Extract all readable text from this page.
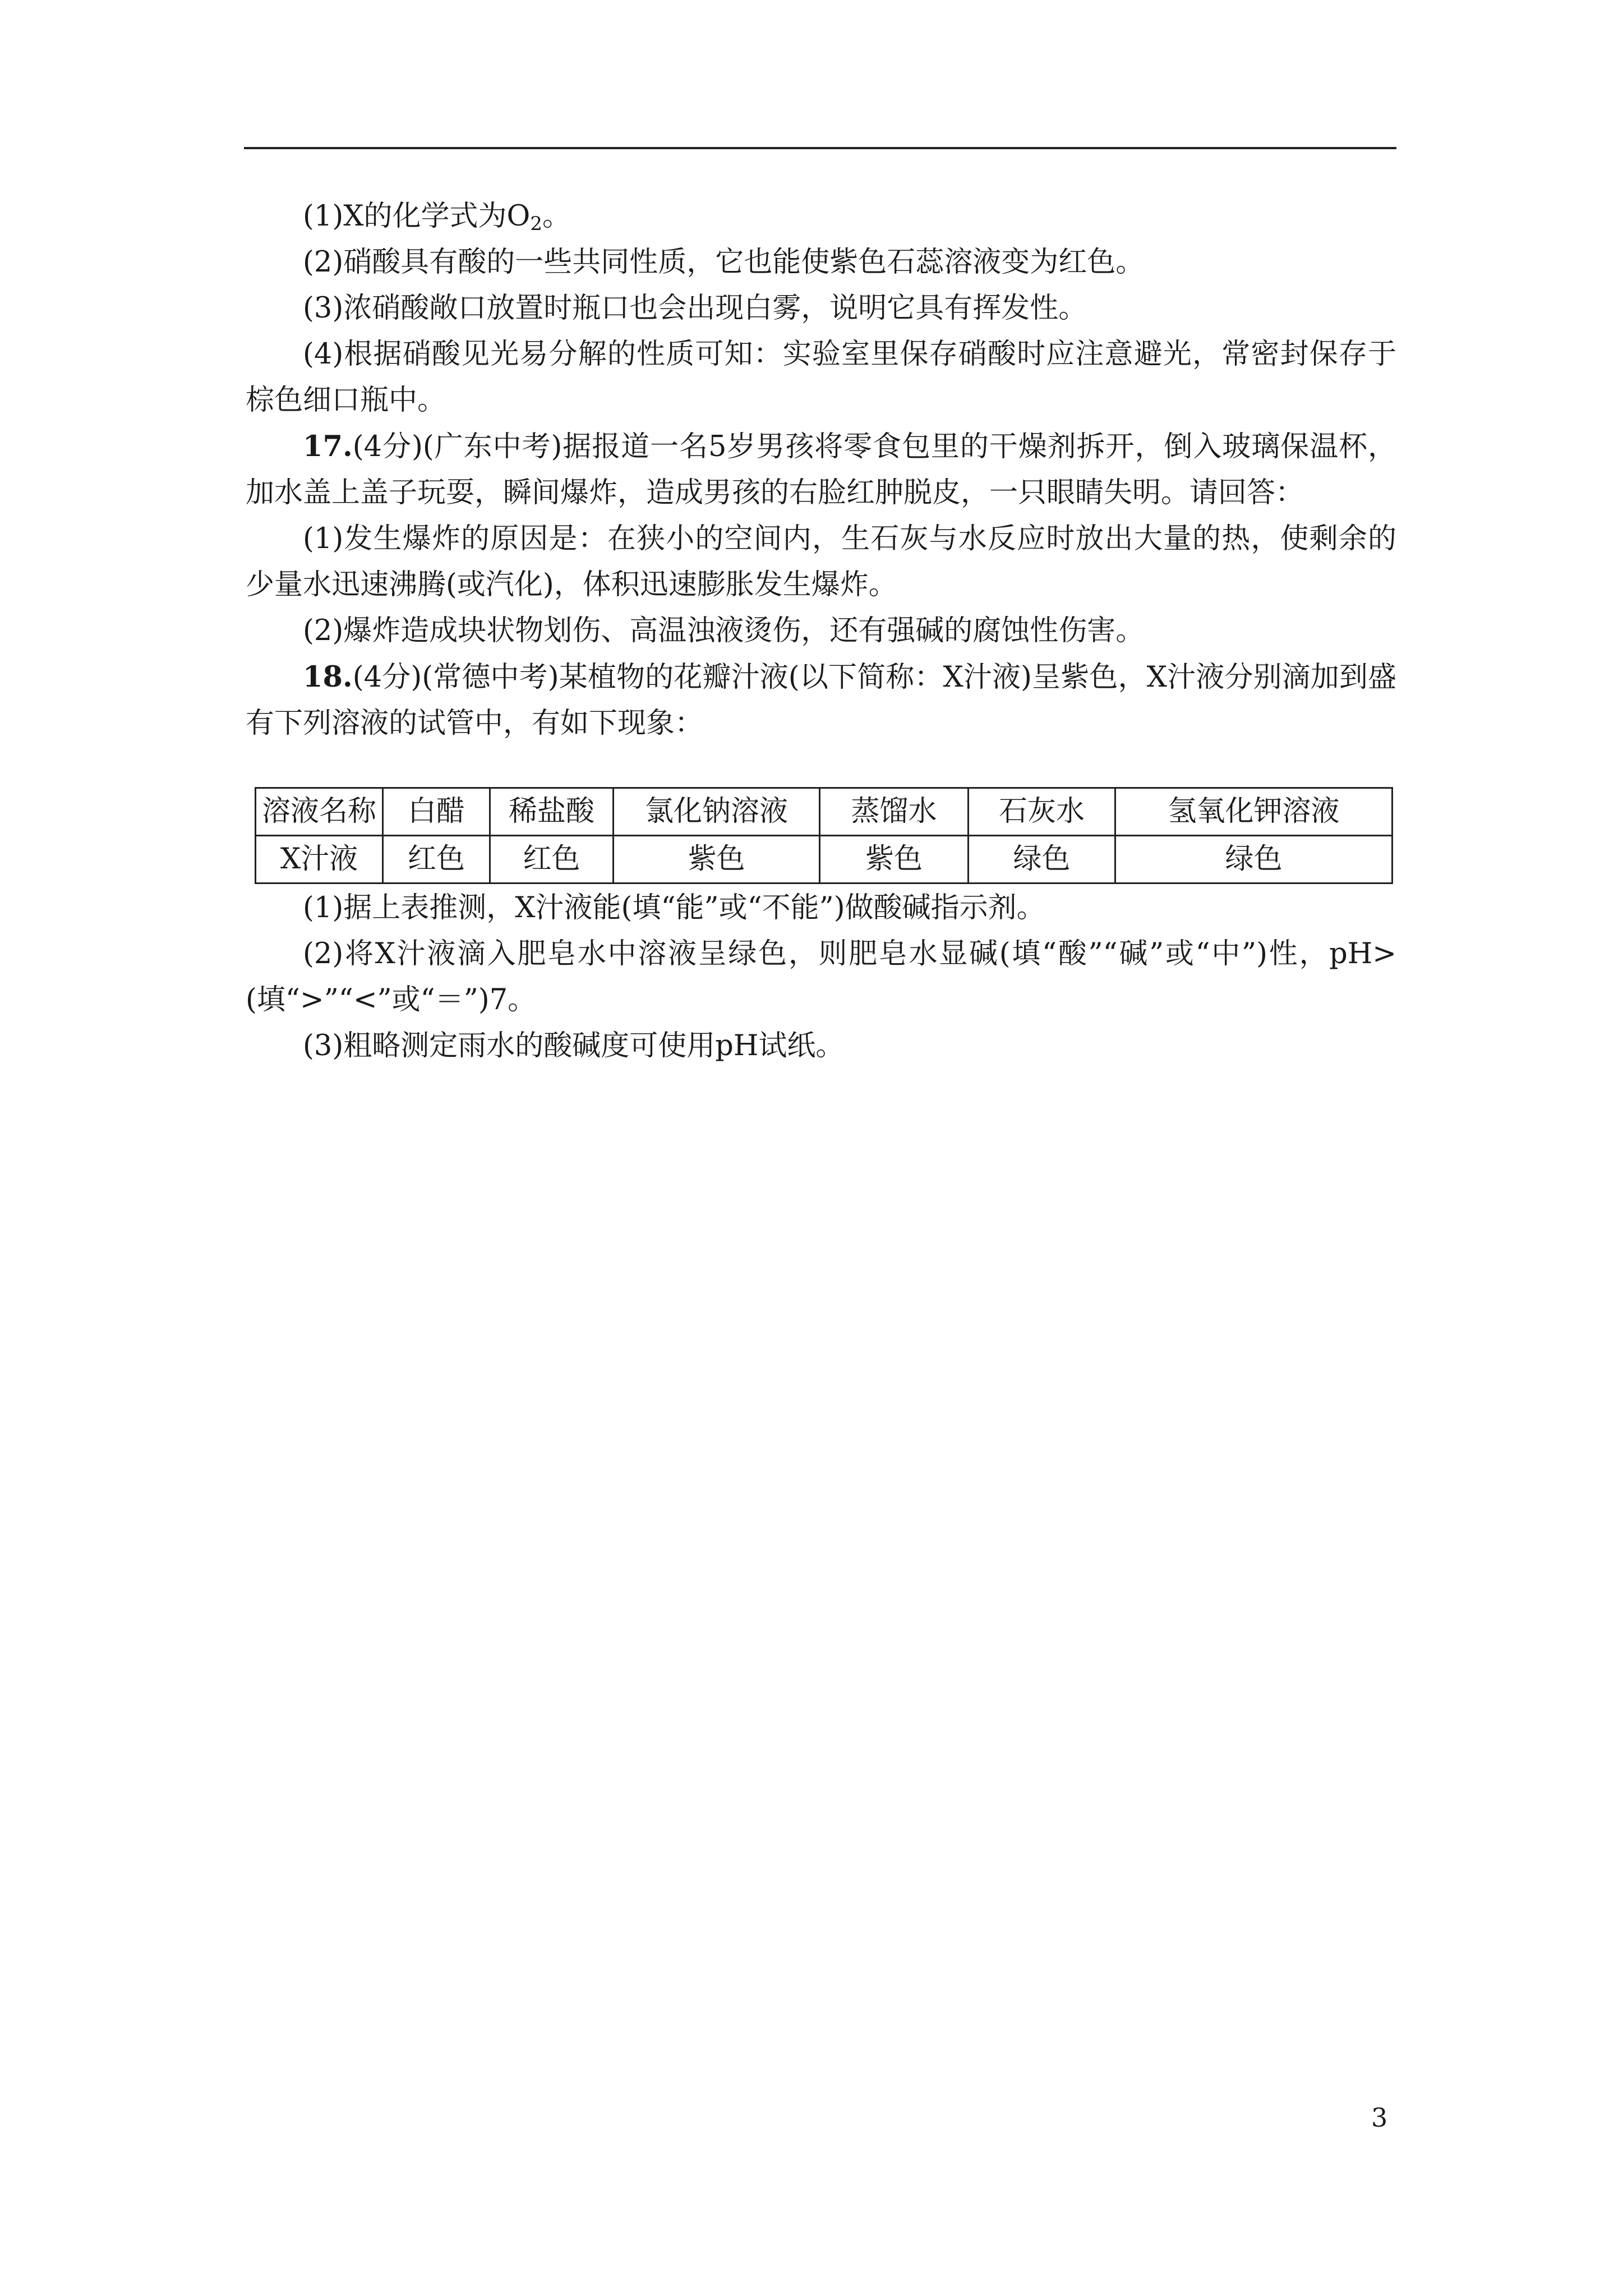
(1)X的化学式为$O_2$。

(2)硝酸具有酸的一些共同性质，它也能使紫色石蕊溶液变为红色。

(3)浓硝酸敞口放置时瓶口也会出现白雾，说明它具有挥发性。

(4)根据硝酸见光易分解的性质可知：实验室里保存硝酸时应注意避光，常密封保存于棕色细口瓶中。

17.(4分)(广东中考)据报道一名5岁男孩将零食包里的干燥剂拆开，倒入玻璃保温杯，加水盖上盖子玩耍，瞬间爆炸，造成男孩的右脸红肿脱皮，一只眼睛失明。请回答：

(1)发生爆炸的原因是：在狭小的空间内，生石灰与水反应时放出大量的热，使剩余的少量水迅速沸腾(或汽化)，体积迅速膨胀发生爆炸。

(2)爆炸造成块状物划伤、高温浊液烫伤，还有强碱的腐蚀性伤害。

18.(4分)(常德中考)某植物的花瓣汁液(以下简称：X汁液)呈紫色，X汁液分别滴加到盛有下列溶液的试管中，有如下现象：

溶液名称	白醋	稀盐酸	氯化钠溶液	蒸馏水	石灰水	氢氧化钾溶液
X汁液	红色	红色	紫色	紫色	绿色	绿色

(1)据上表推测，X汁液能(填“能”或“不能”)做酸碱指示剂。

(2)将X汁液滴入肥皂水中溶液呈绿色，则肥皂水显碱(填“酸”“碱”或“中”)性，pH>(填“>”“<”或“＝”)7。

(3)粗略测定雨水的酸碱度可使用pH试纸。

3
